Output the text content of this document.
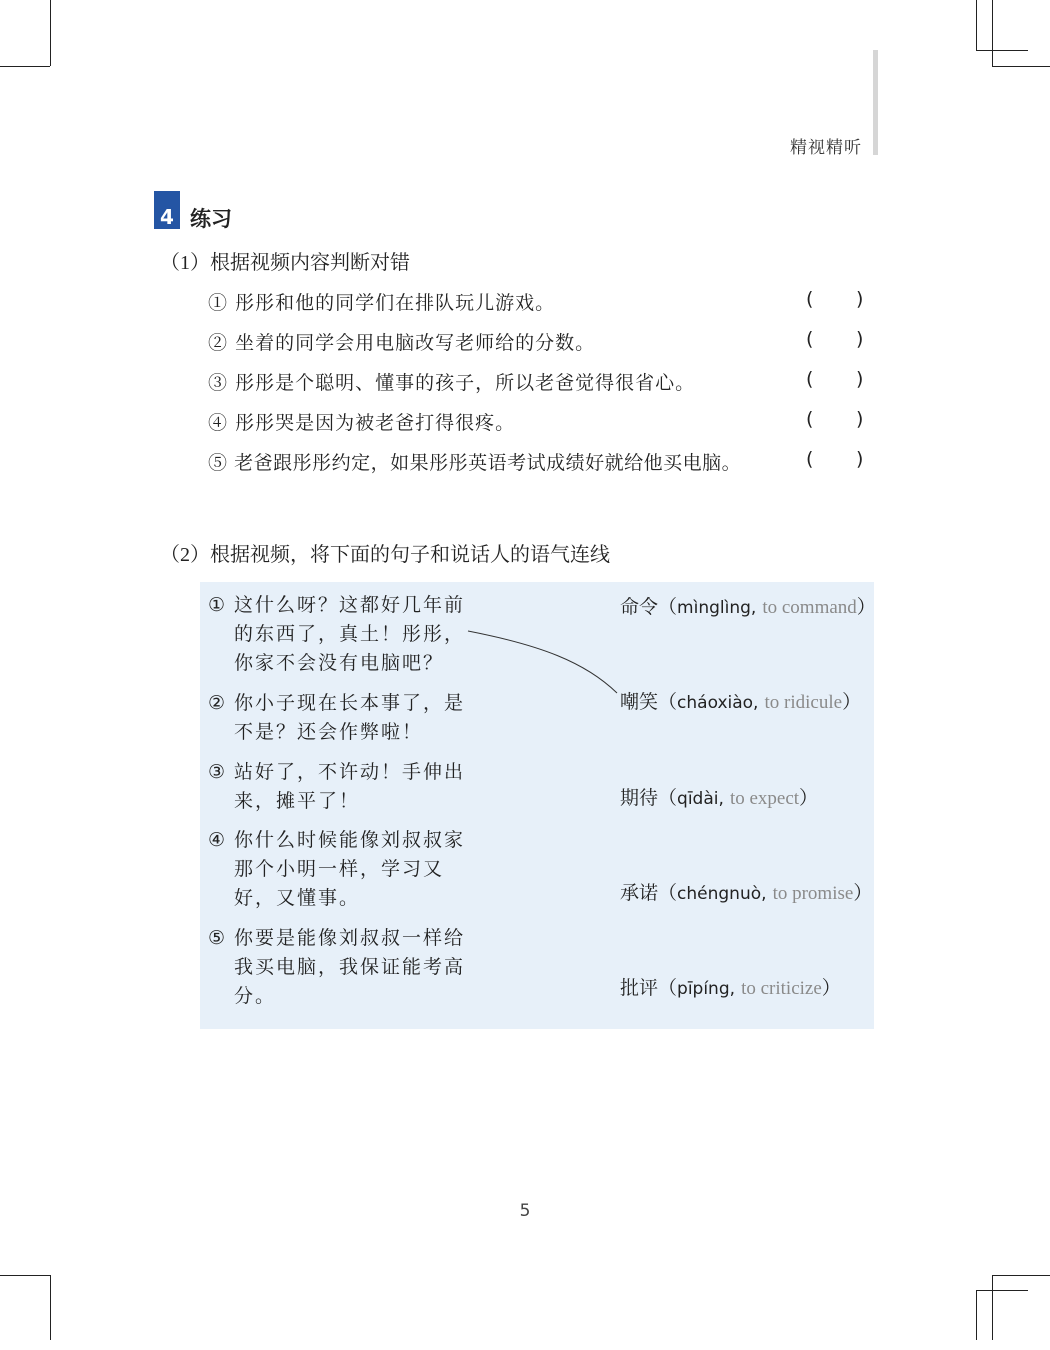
精视精听
4 练习
（1）根据视频内容判断对错
① 彤彤和他的同学们在排队玩儿游戏。	( )
② 坐着的同学会用电脑改写老师给的分数。	( )
③ 彤彤是个聪明、懂事的孩子，所以老爸觉得很省心。	( )
④ 彤彤哭是因为被老爸打得很疼。	( )
⑤ 老爸跟彤彤约定，如果彤彤英语考试成绩好就给他买电脑。	( )
（2）根据视频，将下面的句子和说话人的语气连线
① 这什么呀？这都好几年前的东西了，真土！彤彤，你家不会没有电脑吧？
② 你小子现在长本事了，是不是？还会作弊啦！
③ 站好了，不许动！手伸出来，摊平了！
④ 你什么时候能像刘叔叔家那个小明一样，学习又好，又懂事。
⑤ 你要是能像刘叔叔一样给我买电脑，我保证能考高分。
命令（mìnglìng, to command）
嘲笑（cháoxiào, to ridicule）
期待（qīdài, to expect）
承诺（chéngnuò, to promise）
批评（pīpíng, to criticize）
5
